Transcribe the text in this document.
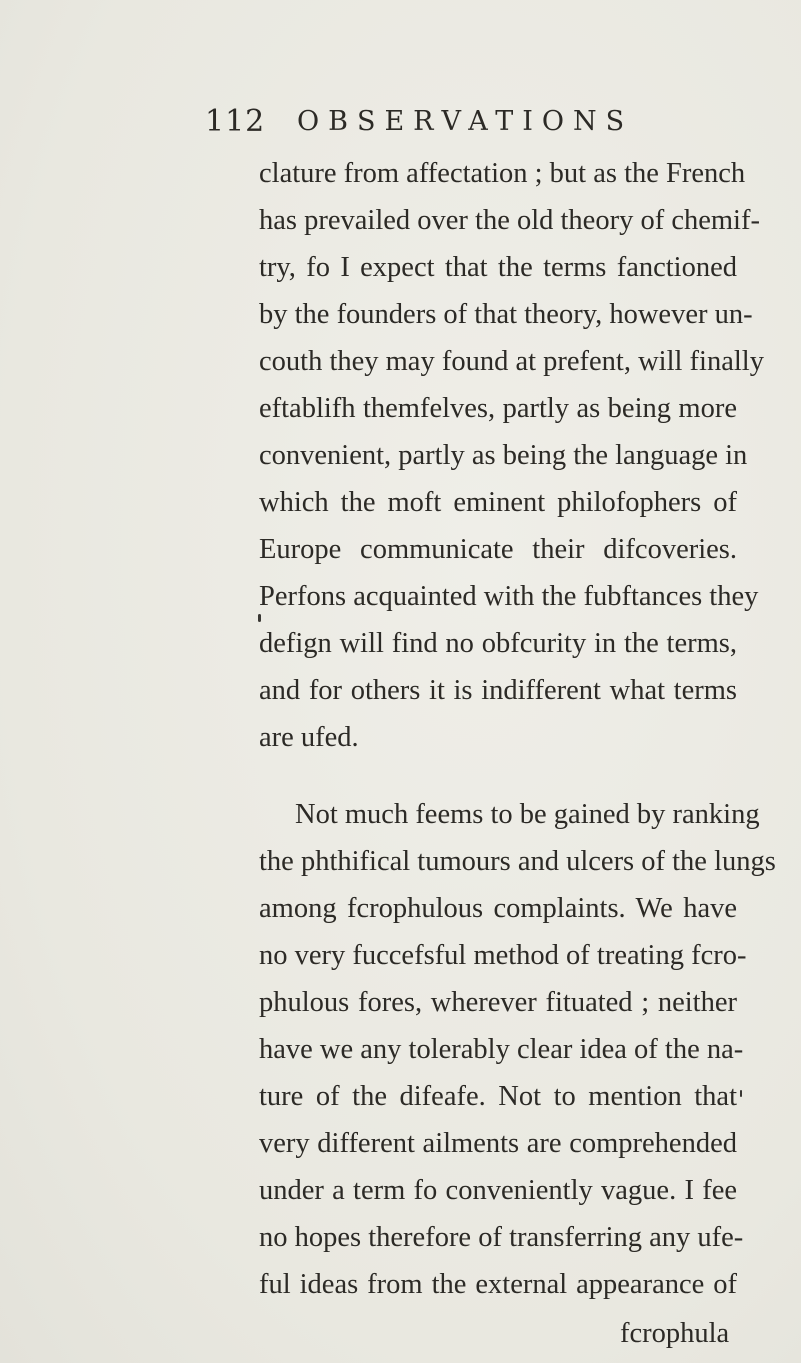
112 OBSERVATIONS
clature from affectation ; but as the French
has prevailed over the old theory of chemif-
try, fo I expect that the terms fanctioned
by the founders of that theory, however un-
couth they may found at prefent, will finally
eftablifh themfelves, partly as being more
convenient, partly as being the language in
which the moft eminent philofophers of
Europe communicate their difcoveries.
Perfons acquainted with the fubftances they
defign will find no obfcurity in the terms,
and for others it is indifferent what terms
are ufed.
Not much feems to be gained by ranking
the phthifical tumours and ulcers of the lungs
among fcrophulous complaints. We have
no very fuccefsful method of treating fcro-
phulous fores, wherever fituated ; neither
have we any tolerably clear idea of the na-
ture of the difeafe. Not to mention that
very different ailments are comprehended
under a term fo conveniently vague. I fee
no hopes therefore of transferring any ufe-
ful ideas from the external appearance of
fcrophula
